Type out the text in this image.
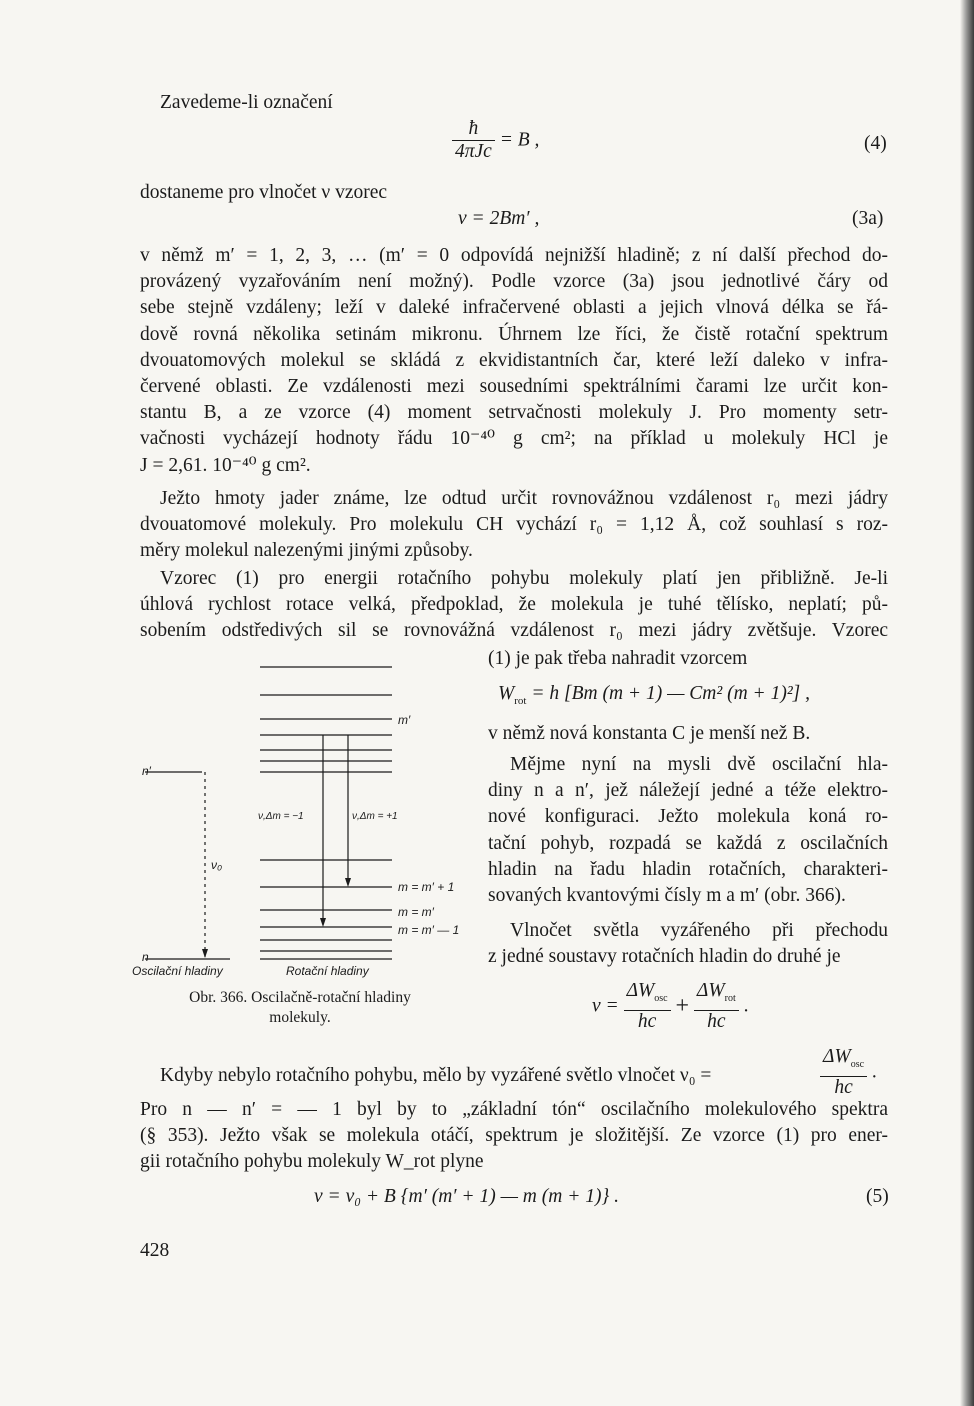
Zavedeme-li označení
$\frac{ħ}{\text{4πJc}} = B$ ,	(4)
dostaneme pro vlnočet ν vzorec
ν = 2Bm′ ,	(3a)
v němž m′ = 1, 2, 3, … (m′ = 0 odpovídá nejnižší hladině; z ní další přechod do-
provázený vyzařováním není možný). Podle vzorce (3a) jsou jednotlivé čáry od
sebe stejně vzdáleny; leží v daleké infračervené oblasti a jejich vlnová délka se řá-
dově rovná několika setinám mikronu. Úhrnem lze říci, že čistě rotační spektrum
dvouatomových molekul se skládá z ekvidistantních čar, které leží daleko v infra-
červené oblasti. Ze vzdálenosti mezi sousedními spektrálními čarami lze určit kon-
stantu B, a ze vzorce (4) moment setrvačnosti molekuly J. Pro momenty setr-
vačnosti vycházejí hodnoty řádu 10⁻⁴⁰ g cm²; na příklad u molekuly HCl je
J = 2,61. 10⁻⁴⁰ g cm².
Ježto hmoty jader známe, lze odtud určit rovnovážnou vzdálenost r₀ mezi jádry
dvouatomové molekuly. Pro molekulu CH vychází r₀ = 1,12 Å, což souhlasí s roz-
měry molekul nalezenými jinými způsoby.
Vzorec (1) pro energii rotačního pohybu molekuly platí jen přibližně. Je-li
úhlová rychlost rotace velká, předpoklad, že molekula je tuhé tělísko, neplatí; pů-
sobením odstředivých sil se rovnovážná vzdálenost r₀ mezi jádry zvětšuje. Vzorec
(1) je pak třeba nahradit vzorcem
$W_{rot} = h$ [Bm (m + 1) — Cm² (m + 1)²] ,
v němž nová konstanta C je menší než B.
Mějme nyní na mysli dvě oscilační hla-
diny n a n′, jež náležejí jedné a téže elektro-
nové konfiguraci. Ježto molekula koná ro-
tační pohyb, rozpadá se každá z oscilačních
hladin na řadu hladin rotačních, charakteri-
sovaných kvantovými čísly m a m′ (obr. 366).
Vlnočet světla vyzářeného při přechodu
z jedné soustavy rotačních hladin do druhé je
$\nu = \frac{\Delta W_{osc}}{hc} + \frac{\Delta W_{rot}}{hc}$ .
Kdyby nebylo rotačního pohybu, mělo by vyzářené světlo vlnočet ν₀ =	$\frac{\Delta W_{osc}}{hc}$ .
Pro n — n′ = — 1 byl by to „základní tón“ oscilačního molekulového spektra
(§ 353). Ježto však se molekula otáčí, spektrum je složitější. Ze vzorce (1) pro ener-
gii rotačního pohybu molekuly W_rot plyne
ν = ν₀ + B {m′ (m′ + 1) — m (m + 1)} .	(5)
428
n′
n
m′
ν₀
ν,Δm = −1	ν,Δm = +1
m = m′ + 1
m = m′
m = m′ — 1
Oscilační hladiny	Rotační hladiny
Obr. 366. Oscilačně-rotační hladiny
molekuly.
